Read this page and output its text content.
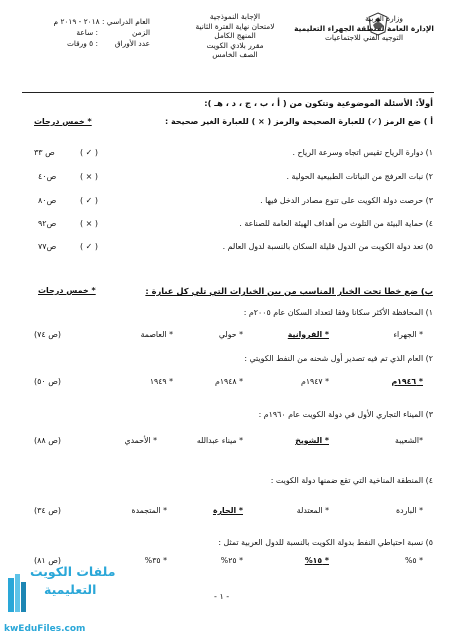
وزارة التربية
الإدارة العامة لمنطقة الجهراء التعليمية
التوجيه الفني للاجتماعيات
الإجابة النموذجية
لامتحان نهاية الفترة الثانية
المنهج الكامل
مقرر بلادي الكويت
الصف الخامس
العام الدراسي : ٢٠١٨ - ٢٠١٩ م
الزمن
: ساعة
عدد الأوراق
: ٥ ورقات
أولاً: الأسئلة الموضوعية وتتكون من ( أ ، ب ، ج ، د ، هـ ):
أ ) ضع الرمز (✓) للعبارة الصحيحة والرمز ( × ) للعبارة الغير صحيحة :
* خمس درجات
١) دوارة الرياح تقيس اتجاه وسرعة الرياح .
( ✓ )
ص ٣٣
٢) نبات العرفج من النباتات الطبيعية الحولية .
( × )
ص٤٠
٣) حرصت دولة الكويت على تنوع مصادر الدخل فيها .
( ✓ )
ص٨٠
٤) حماية البيئة من التلوث من أهداف الهيئة العامة للصناعة .
( × )
ص٩٢
٥) تعد دولة الكويت من الدول قليلة السكان بالنسبة لدول العالم .
( ✓ )
ص٧٧
ب) ضع خطا تحت الخيار المناسب من بين الخيارات التي تلي كل عبارة :
* خمس درجات
١) المحافظة الأكثر سكانا وفقا لتعداد السكان عام ٢٠٠٥م :
* الجهراء
* الفروانية
* حولي
* العاصمة
(ص ٧٤)
٢) العام الذي تم فيه تصدير أول شحنه من النفط الكويتي :
* ١٩٤٦م
* ١٩٤٧م
* ١٩٤٨م
* ١٩٤٩
(ص ٥٠)
٣) الميناء التجاري الأول في دولة الكويت عام ١٩٦٠م :
*الشعيبة
* الشويخ
* ميناء عبدالله
* الأحمدي
(ص ٨٨)
٤) المنطقة المناخية التي تقع ضمنها دولة الكويت :
* الباردة
* المعتدلة
* الحارة
* المتجمدة
(ص ٣٤)
٥) نسبة احتياطي النفط بدولة الكويت بالنسبة للدول العربية تمثل :
* ٥%
* ١٥%
* ٢٥%
* ٣٥%
(ص ٨١)
- ١ -
ملفات الكويت
التعليمية
kwEduFiles.com
